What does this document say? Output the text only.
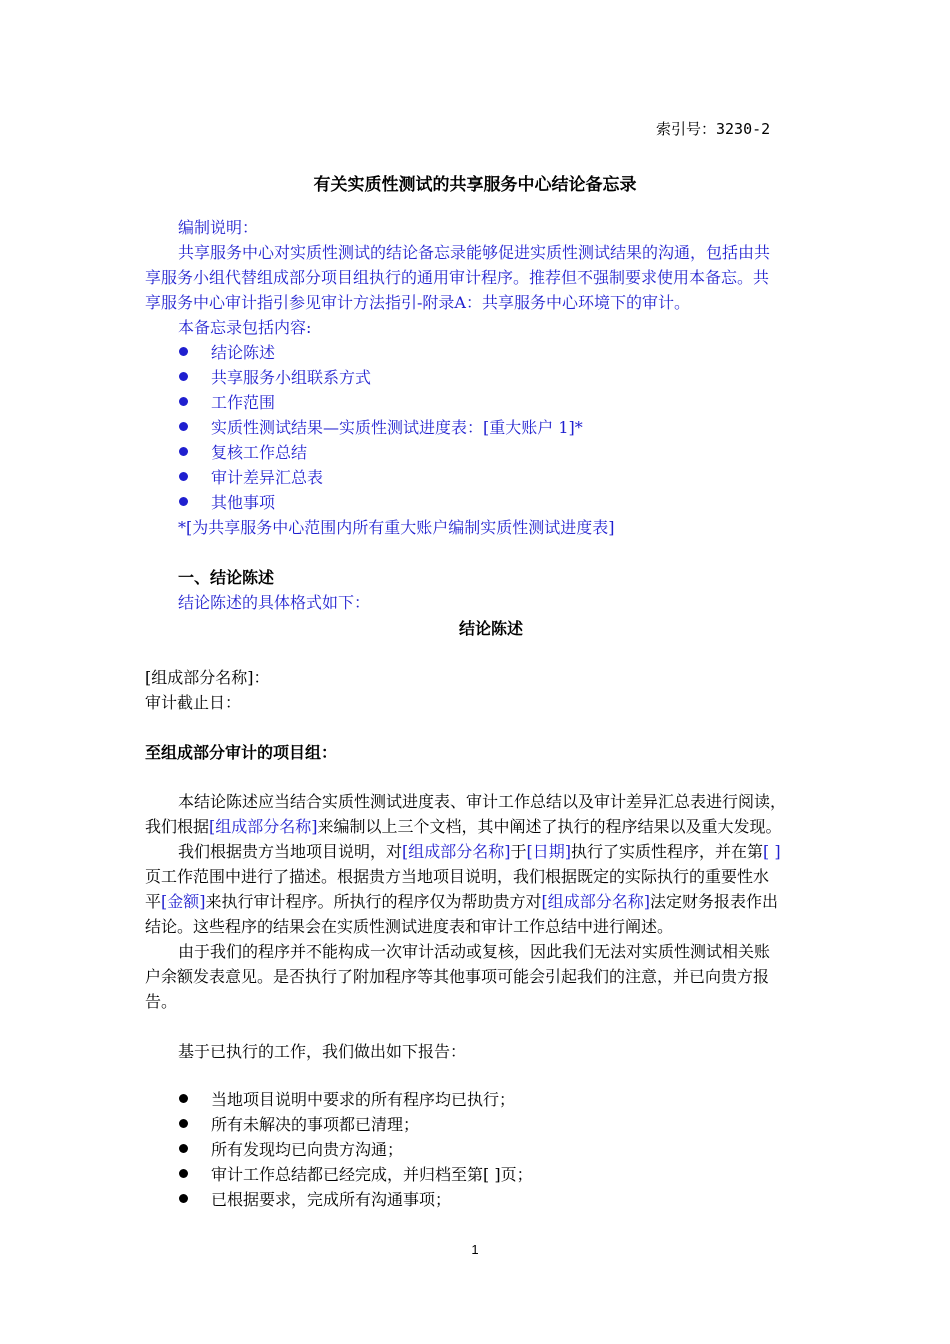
索引号：3230-2
有关实质性测试的共享服务中心结论备忘录
编制说明：
共享服务中心对实质性测试的结论备忘录能够促进实质性测试结果的沟通，包括由共
享服务小组代替组成部分项目组执行的通用审计程序。推荐但不强制要求使用本备忘。共
享服务中心审计指引参见审计方法指引-附录A：共享服务中心环境下的审计。
本备忘录包括内容:
结论陈述
共享服务小组联系方式
工作范围
实质性测试结果—实质性测试进度表：[重大账户 1]*
复核工作总结
审计差异汇总表
其他事项
*[为共享服务中心范围内所有重大账户编制实质性测试进度表]
一、结论陈述
结论陈述的具体格式如下：
结论陈述
[组成部分名称]：
审计截止日：
至组成部分审计的项目组：
本结论陈述应当结合实质性测试进度表、审计工作总结以及审计差异汇总表进行阅读，
我们根据[组成部分名称]来编制以上三个文档，其中阐述了执行的程序结果以及重大发现。
我们根据贵方当地项目说明，对[组成部分名称]于[日期]执行了实质性程序，并在第[ ]
页工作范围中进行了描述。根据贵方当地项目说明，我们根据既定的实际执行的重要性水
平[金额]来执行审计程序。所执行的程序仅为帮助贵方对[组成部分名称]法定财务报表作出
结论。这些程序的结果会在实质性测试进度表和审计工作总结中进行阐述。
由于我们的程序并不能构成一次审计活动或复核，因此我们无法对实质性测试相关账
户余额发表意见。是否执行了附加程序等其他事项可能会引起我们的注意，并已向贵方报
告。
基于已执行的工作，我们做出如下报告：
当地项目说明中要求的所有程序均已执行；
所有未解决的事项都已清理；
所有发现均已向贵方沟通；
审计工作总结都已经完成，并归档至第[ ]页；
已根据要求，完成所有沟通事项；
1
